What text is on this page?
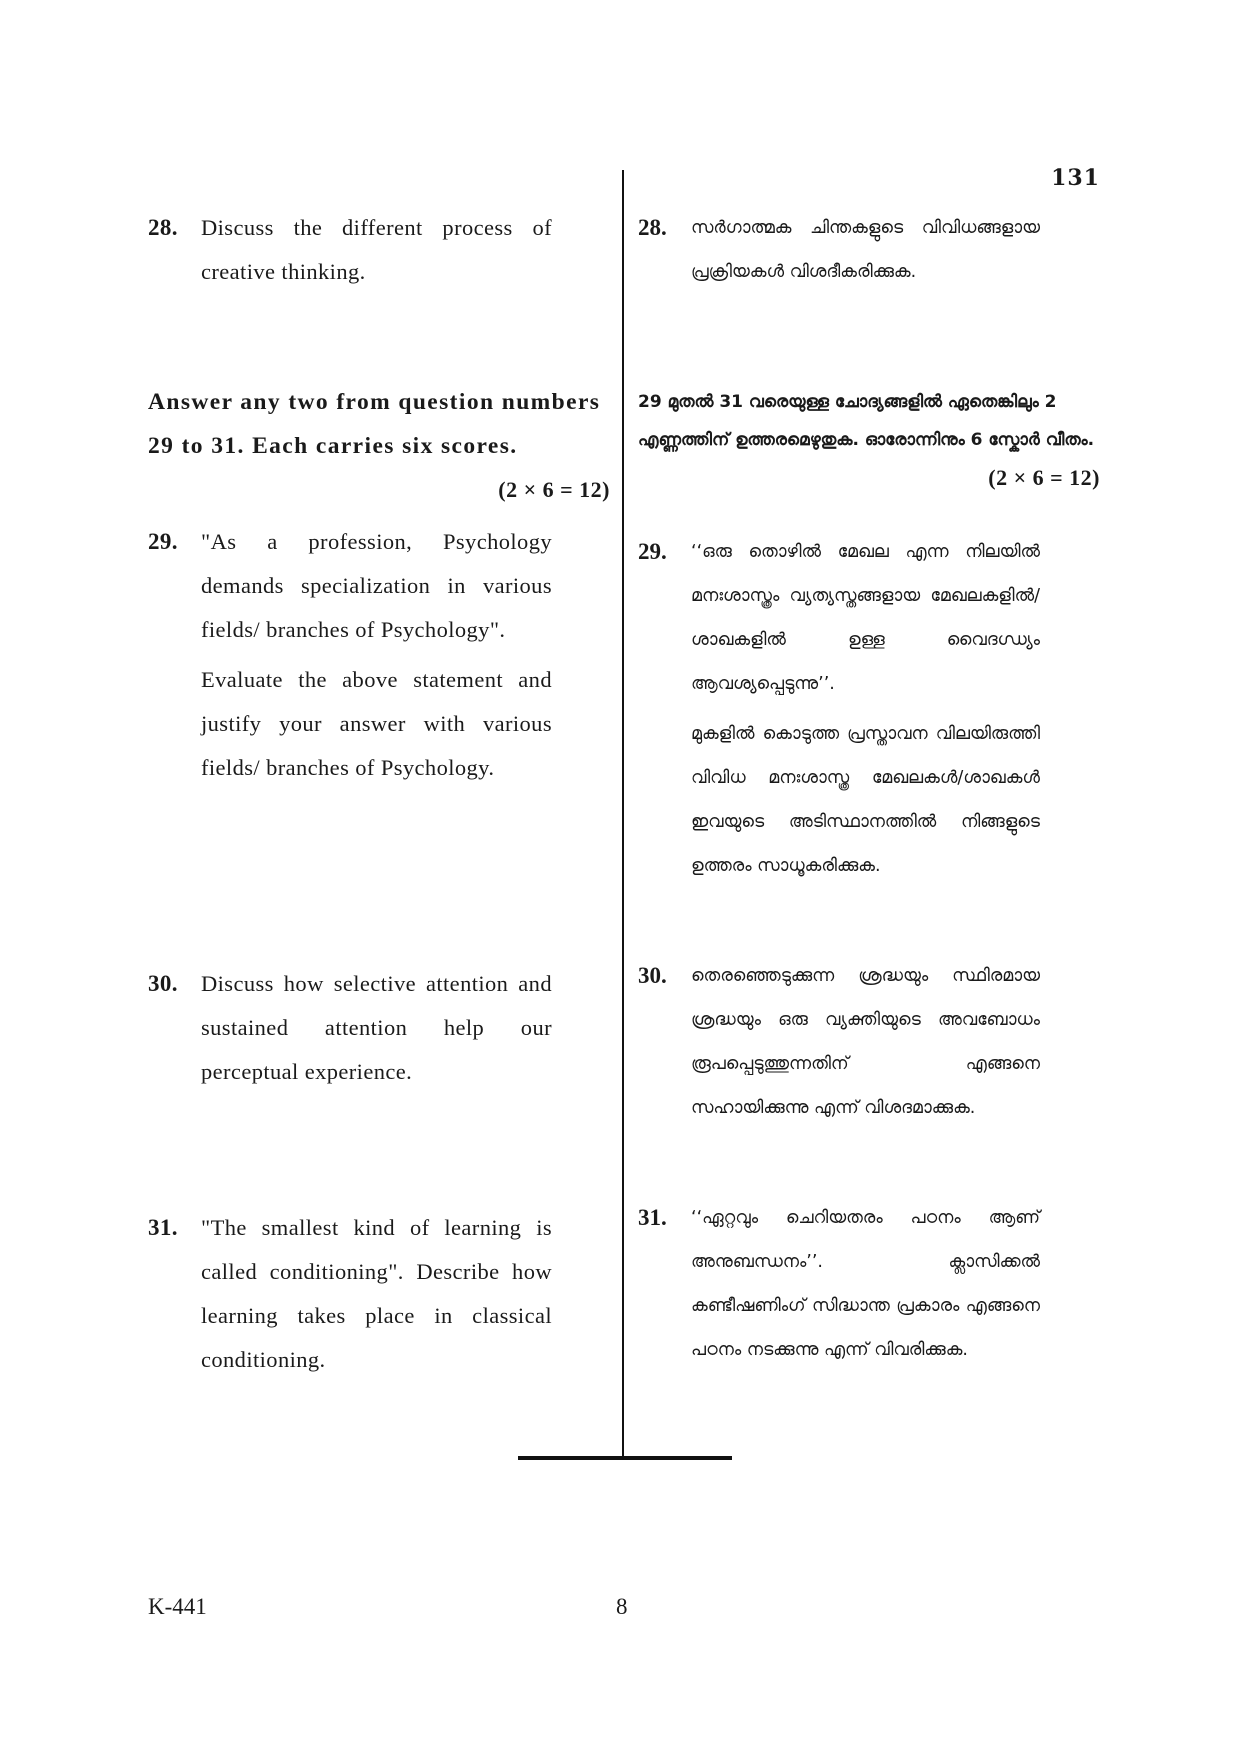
131
28. Discuss the different process of creative thinking.

Answer any two from question numbers 29 to 31. Each carries six scores.
(2 × 6 = 12)
29. "As a profession, Psychology demands specialization in various fields/ branches of Psychology".

Evaluate the above statement and justify your answer with various fields/ branches of Psychology.

30. Discuss how selective attention and sustained attention help our perceptual experience.

31. "The smallest kind of learning is called conditioning". Describe how learning takes place in classical conditioning.

28. സർഗാത്മക ചിന്തകളുടെ വിവിധങ്ങളായ പ്രക്രിയകൾ വിശദീകരിക്കുക.

29 മുതൽ 31 വരെയുള്ള ചോദ്യങ്ങളിൽ ഏതെങ്കിലും 2 എണ്ണത്തിന് ഉത്തരമെഴുതുക. ഓരോന്നിനും 6 സ്കോർ വീതം.
(2 × 6 = 12)
29. ‘‘ഒരു തൊഴിൽ മേഖല എന്ന നിലയിൽ മനഃശാസ്ത്രം വ്യത്യസ്തങ്ങളായ മേഖലകളിൽ/ശാഖകളിൽ ഉള്ള വൈദഗ്ധ്യം ആവശ്യപ്പെടുന്നു’’.

മുകളിൽ കൊടുത്ത പ്രസ്താവന വിലയിരുത്തി വിവിധ മനഃശാസ്ത്ര മേഖലകൾ/ശാഖകൾ ഇവയുടെ അടിസ്ഥാനത്തിൽ നിങ്ങളുടെ ഉത്തരം സാധൂകരിക്കുക.

30. തെരഞ്ഞെടുക്കുന്ന ശ്രദ്ധയും സ്ഥിരമായ ശ്രദ്ധയും ഒരു വ്യക്തിയുടെ അവബോധം രൂപപ്പെടുത്തുന്നതിന് എങ്ങനെ സഹായിക്കുന്നു എന്ന് വിശദമാക്കുക.

31. ‘‘ഏറ്റവും ചെറിയതരം പഠനം ആണ് അനുബന്ധനം’’. ക്ലാസിക്കൽ കണ്ടീഷണിംഗ് സിദ്ധാന്ത പ്രകാരം എങ്ങനെ പഠനം നടക്കുന്നു എന്ന് വിവരിക്കുക.

K-441	8
